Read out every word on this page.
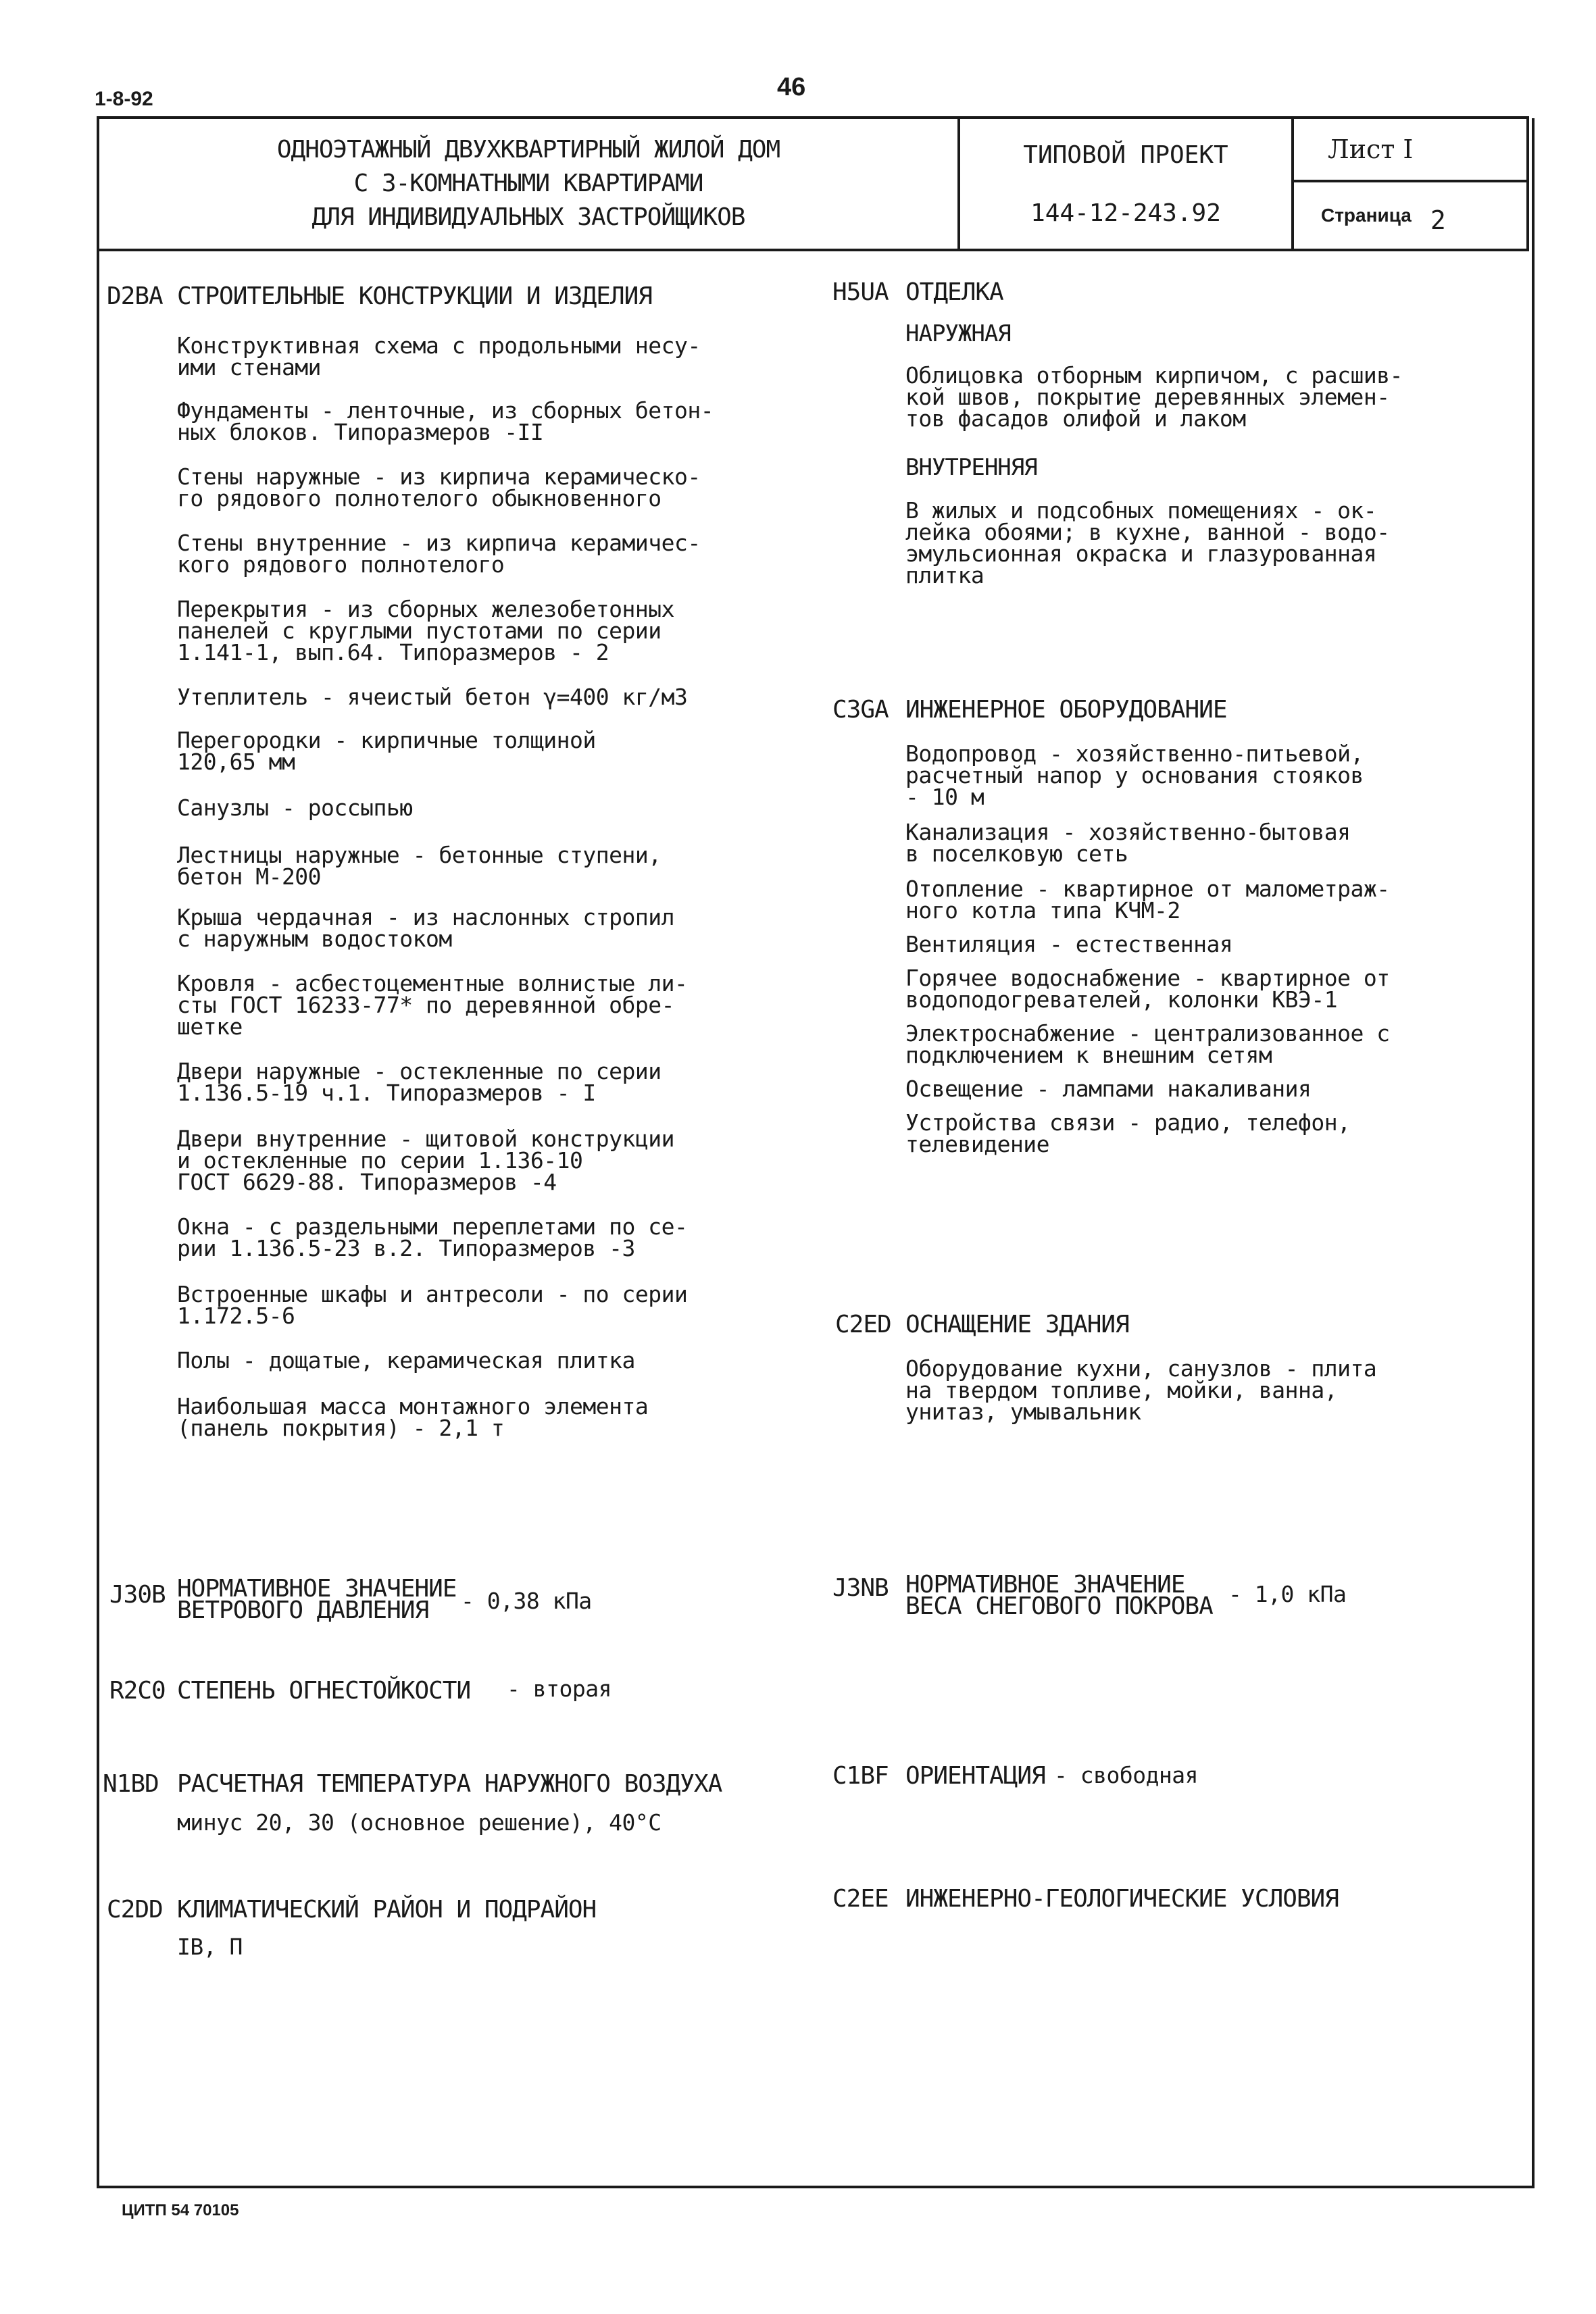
1-8-92	46
ОДНОЭТАЖНЫЙ ДВУХКВАРТИРНЫЙ ЖИЛОЙ ДОМ
С 3-КОМНАТНЫМИ КВАРТИРАМИ
ДЛЯ ИНДИВИДУАЛЬНЫХ ЗАСТРОЙЩИКОВ
ТИПОВОЙ ПРОЕКТ
144-12-243.92
Лист I
Страница 2
D2BA СТРОИТЕЛЬНЫЕ КОНСТРУКЦИИ И ИЗДЕЛИЯ
Конструктивная схема с продольными несу-
ими стенами
Фундаменты - ленточные, из сборных бетон-
ных блоков. Типоразмеров -II
Стены наружные - из кирпича керамическо-
го рядового полнотелого обыкновенного
Стены внутренние - из кирпича керамичес-
кого рядового полнотелого
Перекрытия - из сборных железобетонных
панелей с круглыми пустотами по серии
1.141-1, вып.64. Типоразмеров - 2
Утеплитель - ячеистый бетон γ=400 кг/м3
Перегородки - кирпичные толщиной
120,65 мм
Санузлы - россыпью
Лестницы наружные - бетонные ступени,
бетон М-200
Крыша чердачная - из наслонных стропил
с наружным водостоком
Кровля - асбестоцементные волнистые ли-
сты ГОСТ 16233-77* по деревянной обре-
шетке
Двери наружные - остекленные по серии
1.136.5-19 ч.1. Типоразмеров - I
Двери внутренние - щитовой конструкции
и остекленные по серии 1.136-10
ГОСТ 6629-88. Типоразмеров -4
Окна - с раздельными переплетами по се-
рии 1.136.5-23 в.2. Типоразмеров -3
Встроенные шкафы и антресоли - по серии
1.172.5-6
Полы - дощатые, керамическая плитка
Наибольшая масса монтажного элемента
(панель покрытия) - 2,1 т
J30B НОРМАТИВНОЕ ЗНАЧЕНИЕ
ВЕТРОВОГО ДАВЛЕНИЯ	- 0,38 кПа
R2C0 СТЕПЕНЬ ОГНЕСТОЙКОСТИ - вторая
N1BD РАСЧЕТНАЯ ТЕМПЕРАТУРА НАРУЖНОГО ВОЗДУХА
минус 20, 30 (основное решение), 40°С
C2DD КЛИМАТИЧЕСКИЙ РАЙОН И ПОДРАЙОН
IB, П
H5UA ОТДЕЛКА
НАРУЖНАЯ
Облицовка отборным кирпичом, с расшив-
кой швов, покрытие деревянных элемен-
тов фасадов олифой и лаком
ВНУТРЕННЯЯ
В жилых и подсобных помещениях - ок-
лейка обоями; в кухне, ванной - водо-
эмульсионная окраска и глазурованная
плитка
C3GA ИНЖЕНЕРНОЕ ОБОРУДОВАНИЕ
Водопровод - хозяйственно-питьевой,
расчетный напор у основания стояков
- 10 м
Канализация - хозяйственно-бытовая
в поселковую сеть
Отопление - квартирное от малометраж-
ного котла типа КЧМ-2
Вентиляция - естественная
Горячее водоснабжение - квартирное от
водоподогревателей, колонки КВЭ-1
Электроснабжение - централизованное с
подключением к внешним сетям
Освещение - лампами накаливания
Устройства связи - радио, телефон,
телевидение
C2ED ОСНАЩЕНИЕ ЗДАНИЯ
Оборудование кухни, санузлов - плита
на твердом топливе, мойки, ванна,
унитаз, умывальник
J3NB НОРМАТИВНОЕ ЗНАЧЕНИЕ
ВЕСА СНЕГОВОГО ПОКРОВА - 1,0 кПа
C1BF ОРИЕНТАЦИЯ - свободная
C2EE ИНЖЕНЕРНО-ГЕОЛОГИЧЕСКИЕ УСЛОВИЯ
ЦИТП 54 70105
